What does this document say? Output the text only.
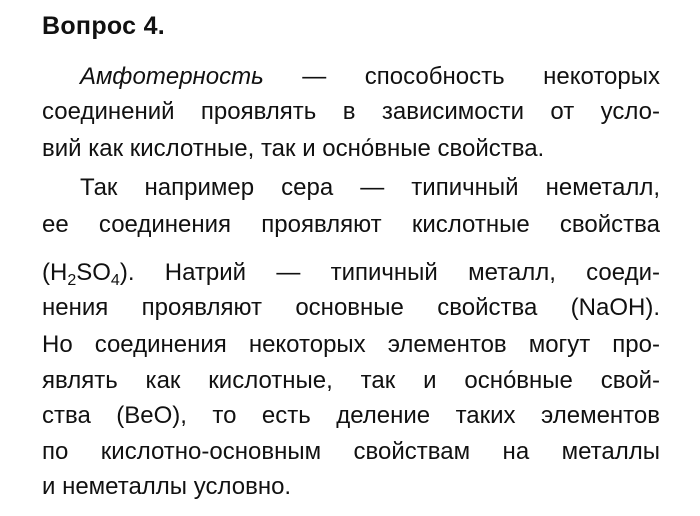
Вопрос 4.
Амфотерность — способность некоторых
соединений проявлять в зависимости от усло-
вий как кислотные, так и осно́вные свойства.
Так например сера — типичный неметалл,
ее соединения проявляют кислотные свойства
$(H_2SO_4)$. Натрий — типичный металл, соеди-
нения проявляют основные свойства (NaOH).
Но соединения некоторых элементов могут про-
являть как кислотные, так и осно́вные свой-
ства (BeO), то есть деление таких элементов
по кислотно-основным свойствам на металлы
и неметаллы условно.
